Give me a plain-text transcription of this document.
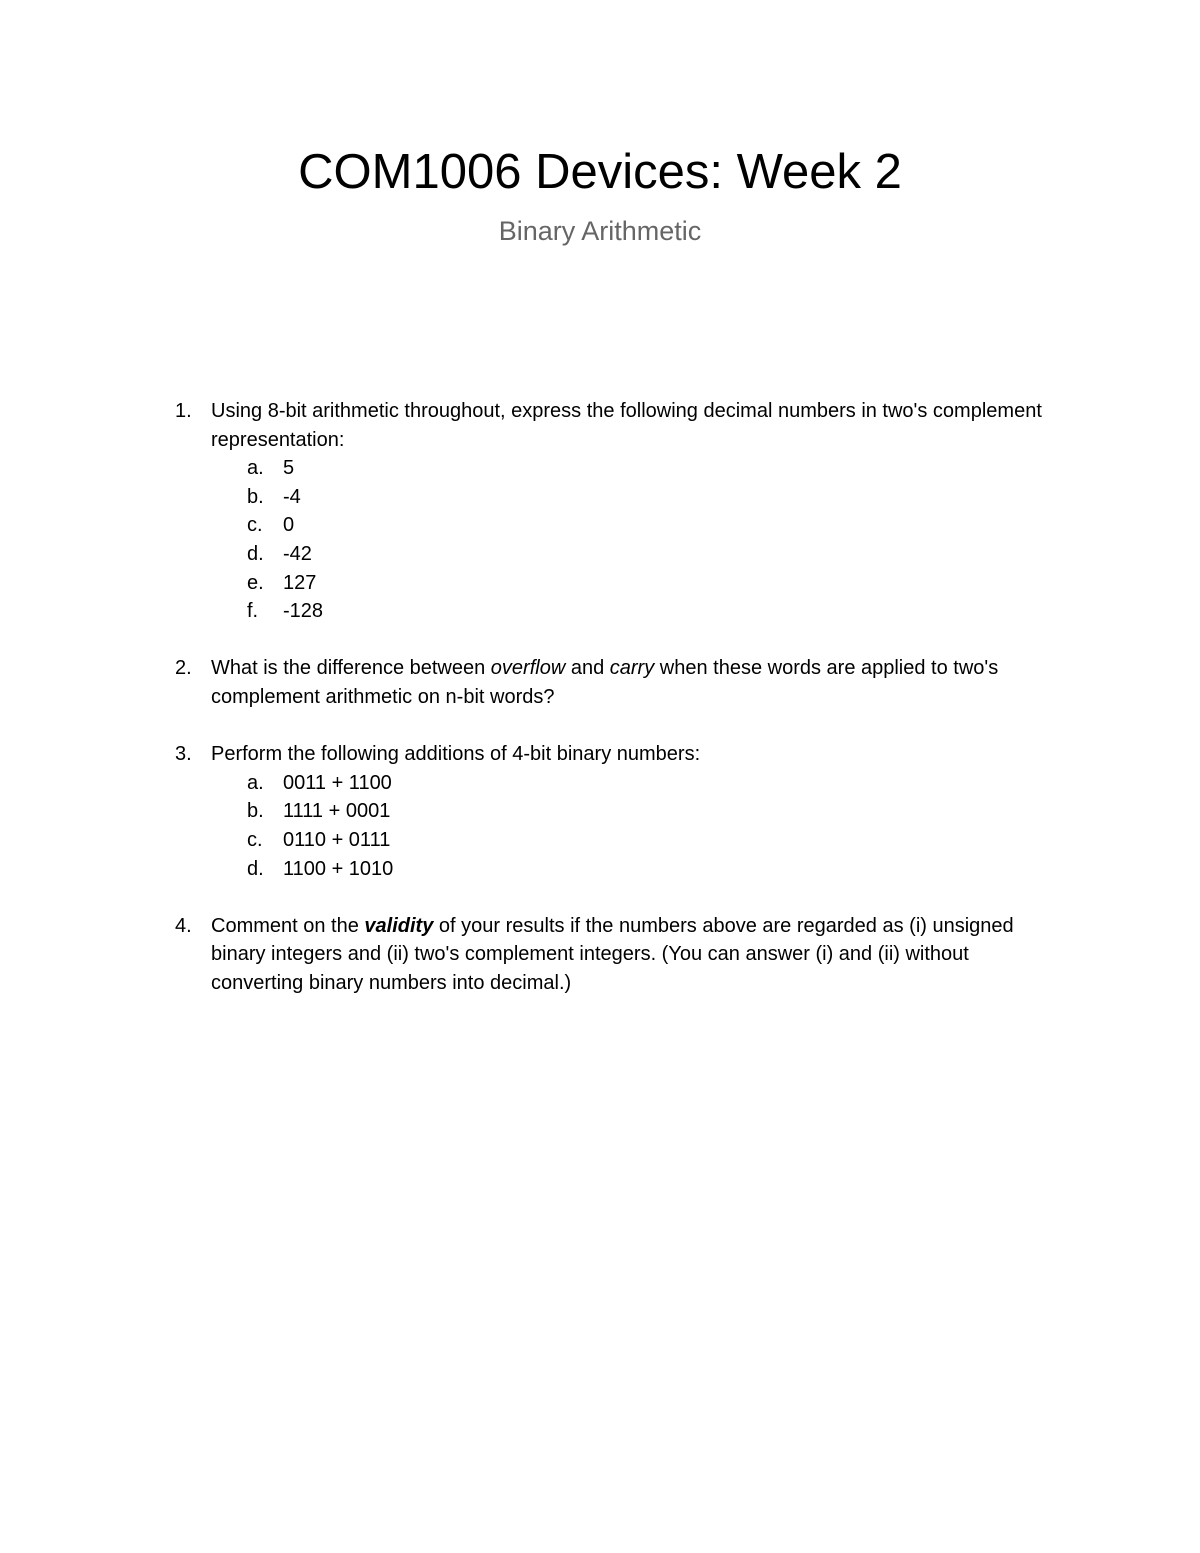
COM1006 Devices: Week 2

Binary Arithmetic

1. Using 8-bit arithmetic throughout, express the following decimal numbers in two's complement representation:
a. 5
b. -4
c. 0
d. -42
e. 127
f. -128
2. What is the difference between overflow and carry when these words are applied to two's complement arithmetic on n-bit words?
3. Perform the following additions of 4-bit binary numbers:
a. 0011 + 1100
b. 1111 + 0001
c. 0110 + 0111
d. 1100 + 1010
4. Comment on the validity of your results if the numbers above are regarded as (i) unsigned binary integers and (ii) two's complement integers. (You can answer (i) and (ii) without converting binary numbers into decimal.)
